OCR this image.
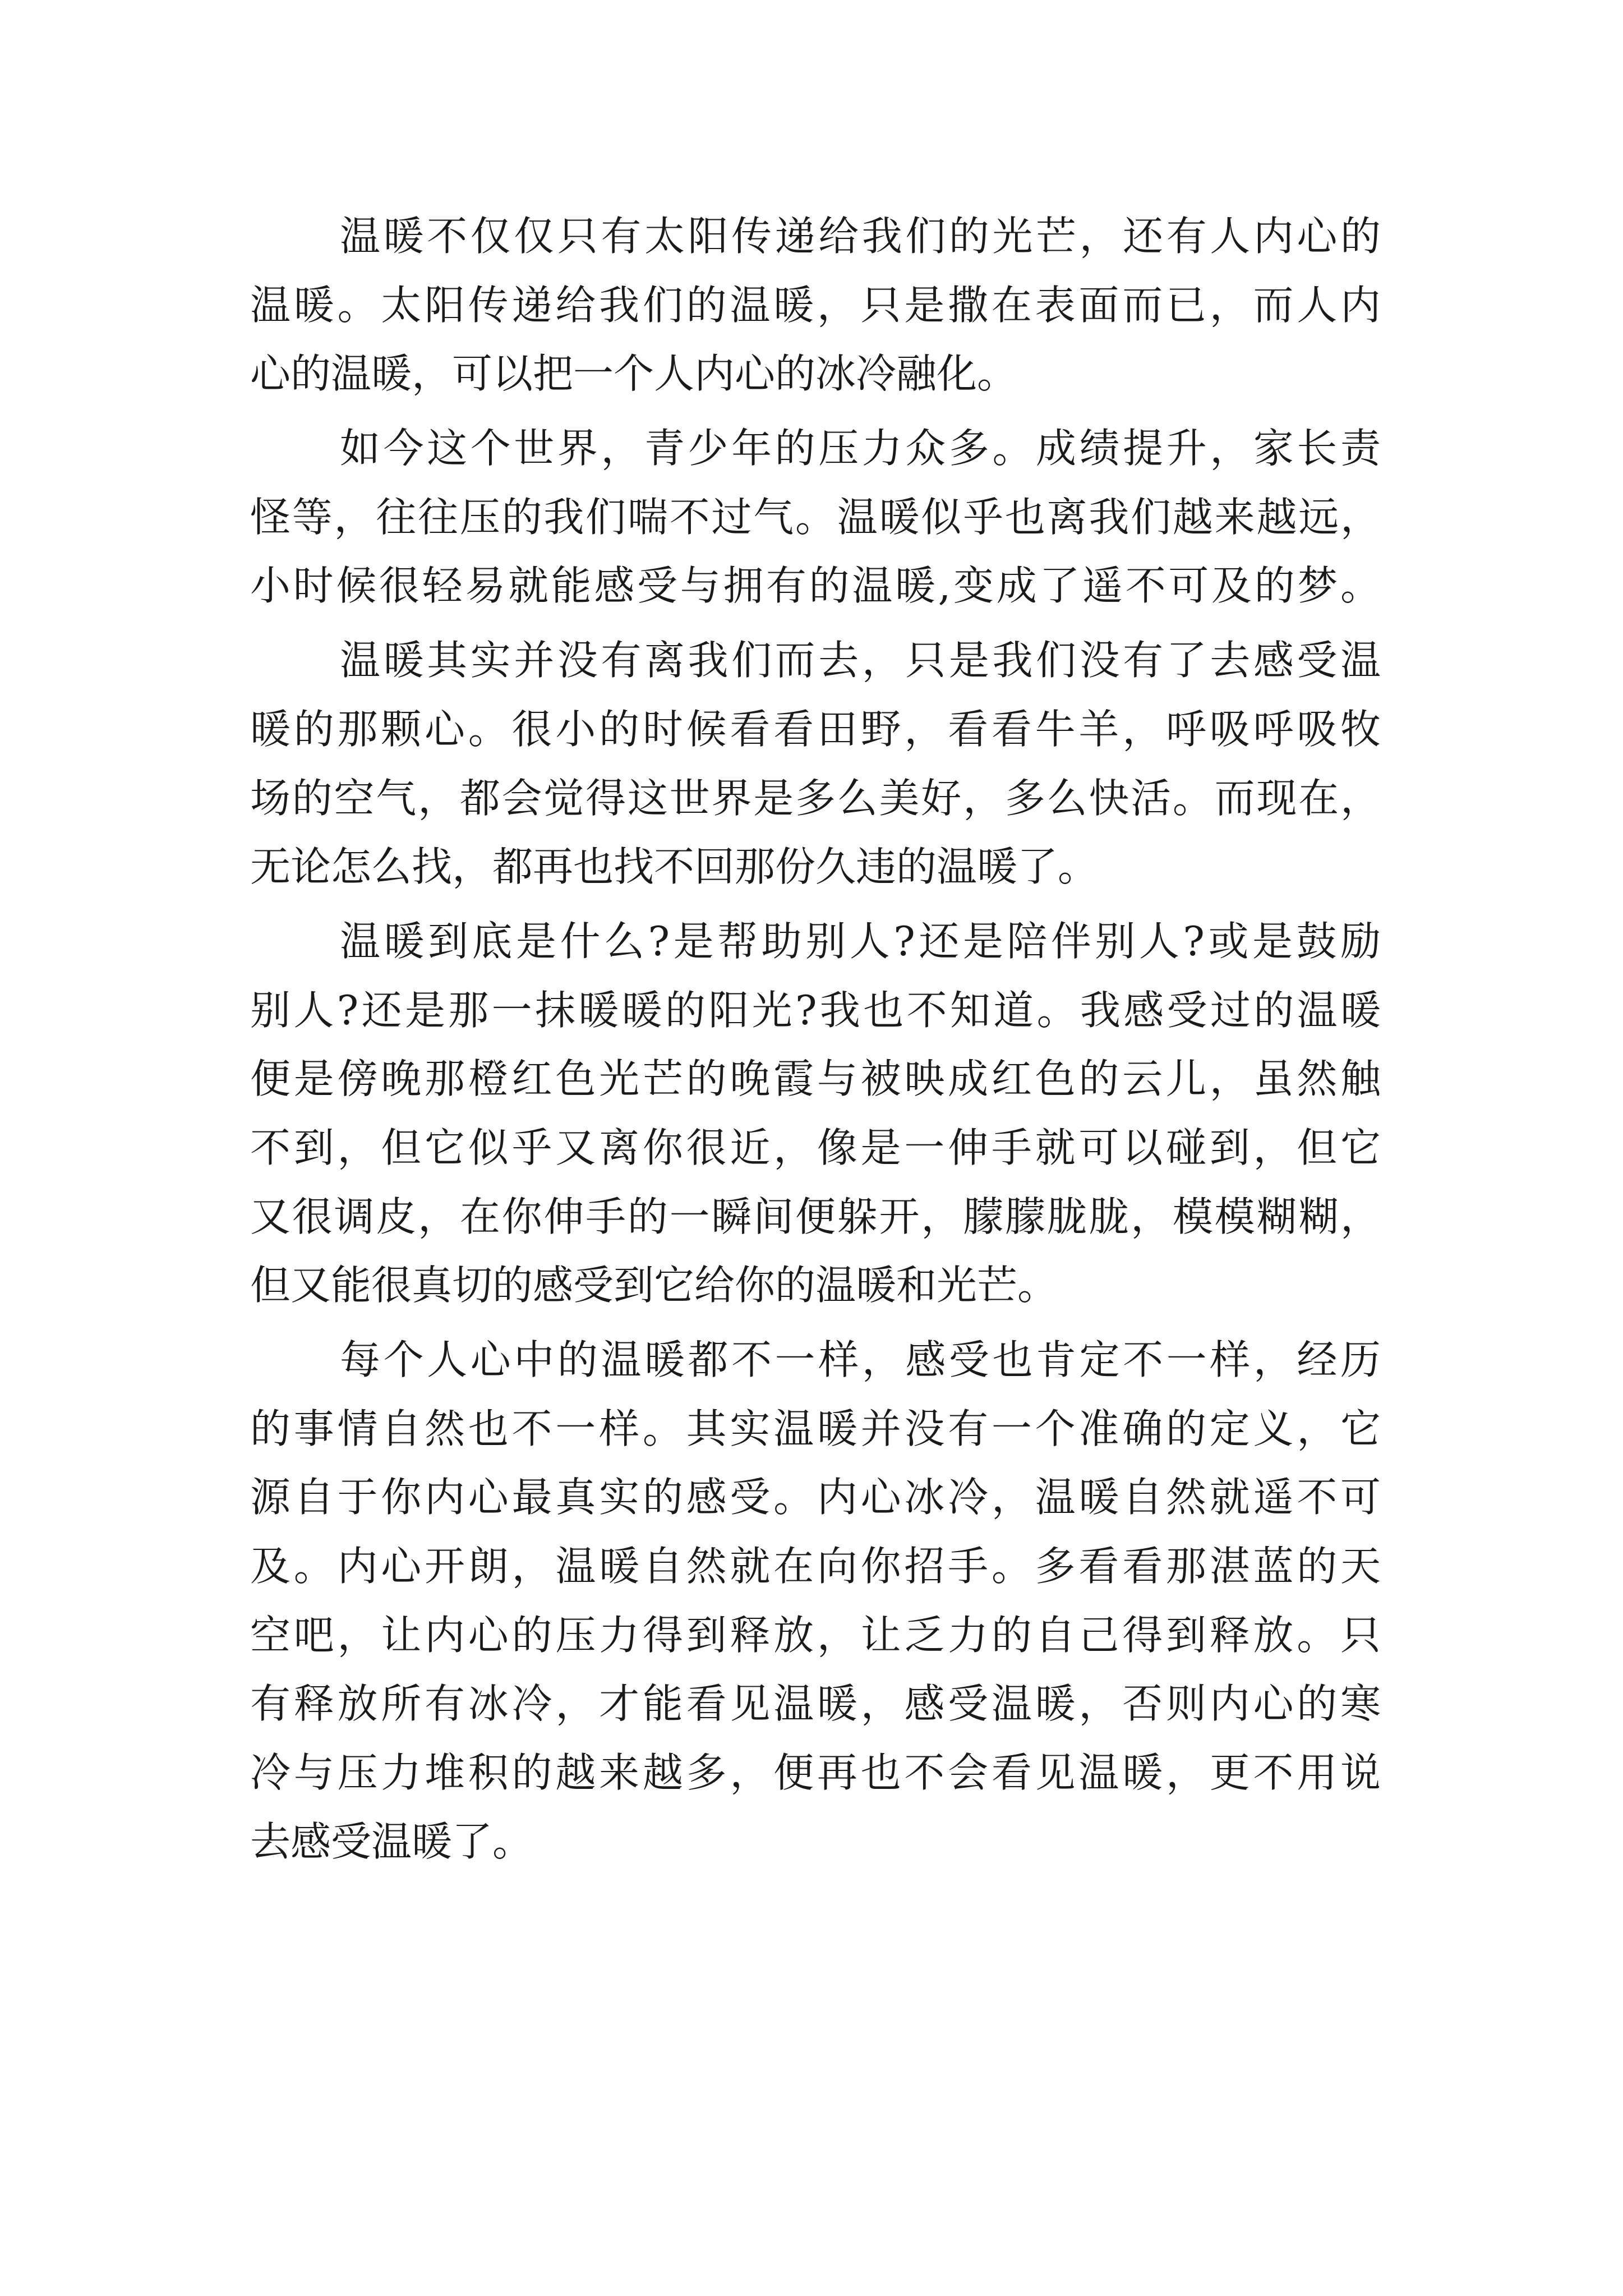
温暖不仅仅只有太阳传递给我们的光芒，还有人内心的
温暖。太阳传递给我们的温暖，只是撒在表面而已，而人内
心的温暖，可以把一个人内心的冰冷融化。
如今这个世界，青少年的压力众多。成绩提升，家长责
怪等，往往压的我们喘不过气。温暖似乎也离我们越来越远，
小时候很轻易就能感受与拥有的温暖,变成了遥不可及的梦。
温暖其实并没有离我们而去，只是我们没有了去感受温
暖的那颗心。很小的时候看看田野，看看牛羊，呼吸呼吸牧
场的空气，都会觉得这世界是多么美好，多么快活。而现在，
无论怎么找，都再也找不回那份久违的温暖了。
温暖到底是什么?是帮助别人?还是陪伴别人?或是鼓励
别人?还是那一抹暖暖的阳光?我也不知道。我感受过的温暖
便是傍晚那橙红色光芒的晚霞与被映成红色的云儿，虽然触
不到，但它似乎又离你很近，像是一伸手就可以碰到，但它
又很调皮，在你伸手的一瞬间便躲开，朦朦胧胧，模模糊糊，
但又能很真切的感受到它给你的温暖和光芒。
每个人心中的温暖都不一样，感受也肯定不一样，经历
的事情自然也不一样。其实温暖并没有一个准确的定义，它
源自于你内心最真实的感受。内心冰冷，温暖自然就遥不可
及。内心开朗，温暖自然就在向你招手。多看看那湛蓝的天
空吧，让内心的压力得到释放，让乏力的自己得到释放。只
有释放所有冰冷，才能看见温暖，感受温暖，否则内心的寒
冷与压力堆积的越来越多，便再也不会看见温暖，更不用说
去感受温暖了。
